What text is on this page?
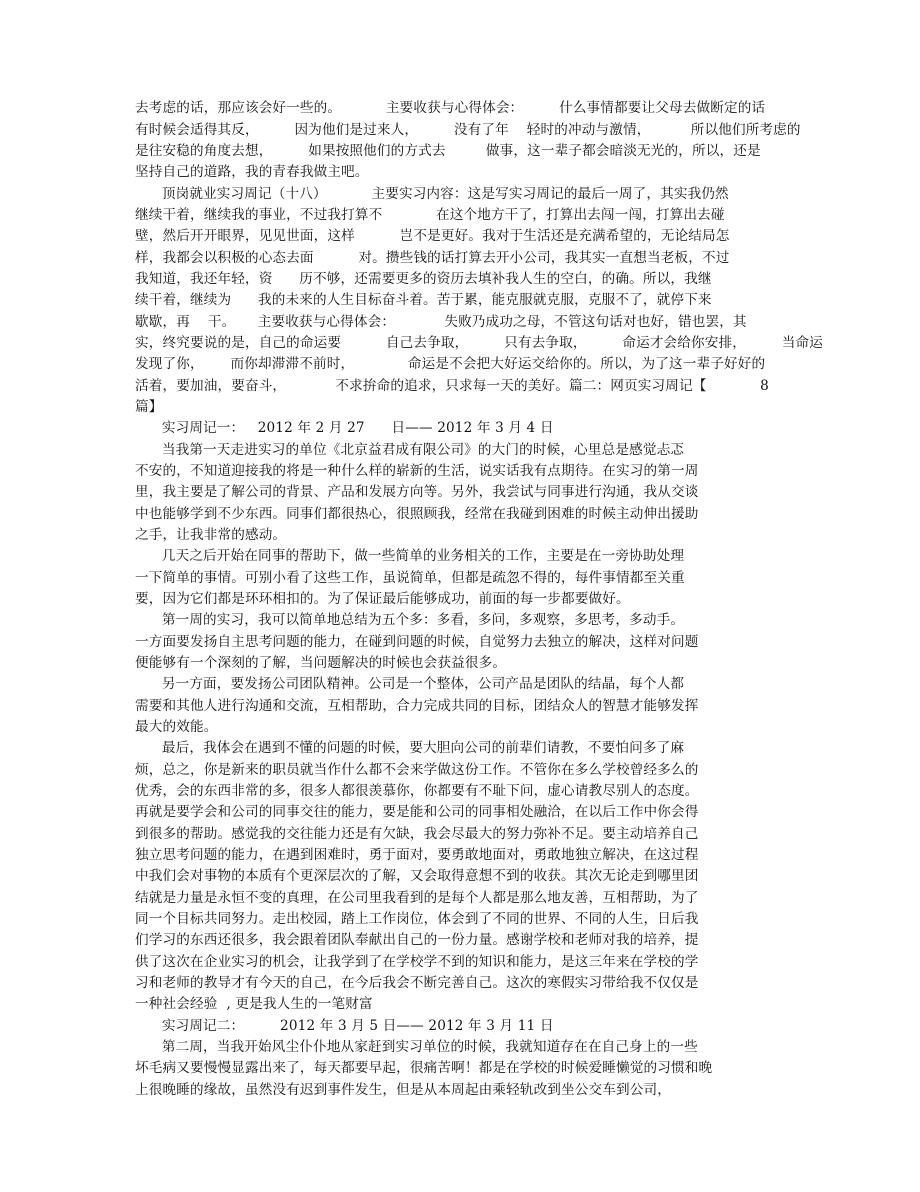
去考虑的话，那应该会好一些的。          主要收获与心得体会：        什么事情都要让父母去做断定的话
有时候会适得其反，        因为他们是过来人，        没有了年    轻时的冲动与激情，         所以他们所考虑的
是往安稳的角度去想，        如果按照他们的方式去         做事，这一辈子都会暗淡无光的，所以，还是
坚持自己的道路，我的青春我做主吧。
顶岗就业实习周记（十八）          主要实习内容：这是写实习周记的最后一周了，其实我仍然
继续干着，继续我的事业，不过我打算不            在这个地方干了，打算出去闯一闯，打算出去碰
壁，然后开开眼界，见见世面，这样          岂不是更好。我对于生活还是充满希望的，无论结局怎
样，我都会以积极的心态去面          对。攒些钱的话打算去开小公司，我其实一直想当老板，不过
我知道，我还年轻，资      历不够，还需要更多的资历去填补我人生的空白，的确。所以，我继
续干着，继续为      我的未来的人生目标奋斗着。苦于累，能克服就克服，克服不了，就停下来
歇歇，再    干。     主要收获与心得体会：           失败乃成功之母，不管这句话对也好，错也罢，其
实，终究要说的是，自己的命运要          自己去争取，        只有去争取，        命运才会给你安排，        当命运
发现了你，      而你却滞滞不前时，            命运是不会把大好运交给你的。所以，为了这一辈子好好的
活着，要加油，要奋斗，           不求拚命的追求，只求每一天的美好。篇二：网页实习周记【            8
篇】
实习周记一：   2012 年 2 月 27      日—— 2012 年 3 月 4 日
当我第一天走进实习的单位《北京益君成有限公司》的大门的时候，心里总是感觉忐忑
不安的，不知道迎接我的将是一种什么样的崭新的生活，说实话我有点期待。在实习的第一周
里，我主要是了解公司的背景、产品和发展方向等。另外，我尝试与同事进行沟通，我从交谈
中也能够学到不少东西。同事们都很热心，很照顾我，经常在我碰到困难的时候主动伸出援助
之手，让我非常的感动。
几天之后开始在同事的帮助下，做一些简单的业务相关的工作，主要是在一旁协助处理
一下简单的事情。可别小看了这些工作，虽说简单，但都是疏忽不得的，每件事情都至关重
要，因为它们都是环环相扣的。为了保证最后能够成功，前面的每一步都要做好。
第一周的实习，我可以简单地总结为五个多：多看，多问，多观察，多思考，多动手。
一方面要发扬自主思考问题的能力，在碰到问题的时候，自觉努力去独立的解决，这样对问题
便能够有一个深刻的了解，当问题解决的时候也会获益很多。
另一方面，要发扬公司团队精神。公司是一个整体，公司产品是团队的结晶，每个人都
需要和其他人进行沟通和交流，互相帮助，合力完成共同的目标，团结众人的智慧才能够发挥
最大的效能。
最后，我体会在遇到不懂的问题的时候，要大胆向公司的前辈们请教，不要怕问多了麻
烦，总之，你是新来的职员就当作什么都不会来学做这份工作。不管你在多么学校曾经多么的
优秀，会的东西非常的多，很多人都很羡慕你，你都要有不耻下问，虚心请教尽别人的态度。
再就是要学会和公司的同事交往的能力，要是能和公司的同事相处融洽，在以后工作中你会得
到很多的帮助。感觉我的交往能力还是有欠缺，我会尽最大的努力弥补不足。要主动培养自己
独立思考问题的能力，在遇到困难时，勇于面对，要勇敢地面对，勇敢地独立解决，在这过程
中我们会对事物的本质有个更深层次的了解，又会取得意想不到的收获。其次无论走到哪里团
结就是力量是永恒不变的真理，在公司里我看到的是每个人都是那么地友善，互相帮助，为了
同一个目标共同努力。走出校园，踏上工作岗位，体会到了不同的世界、不同的人生，日后我
们学习的东西还很多，我会跟着团队奉献出自己的一份力量。感谢学校和老师对我的培养，提
供了这次在企业实习的机会，让我学到了在学校学不到的知识和能力，是这三年来在学校的学
习和老师的教导才有今天的自己，在今后我会不断完善自己。这次的寒假实习带给我不仅仅是
一种社会经验  , 更是我人生的一笔财富
实习周记二：        2012 年 3 月 5 日—— 2012 年 3 月 11 日
第二周，当我开始风尘仆仆地从家赶到实习单位的时候，我就知道存在在自己身上的一些
坏毛病又要慢慢显露出来了，每天都要早起，很痛苦啊！都是在学校的时候爱睡懒觉的习惯和晚
上很晚睡的缘故，虽然没有迟到事件发生，但是从本周起由乘轻轨改到坐公交车到公司，
